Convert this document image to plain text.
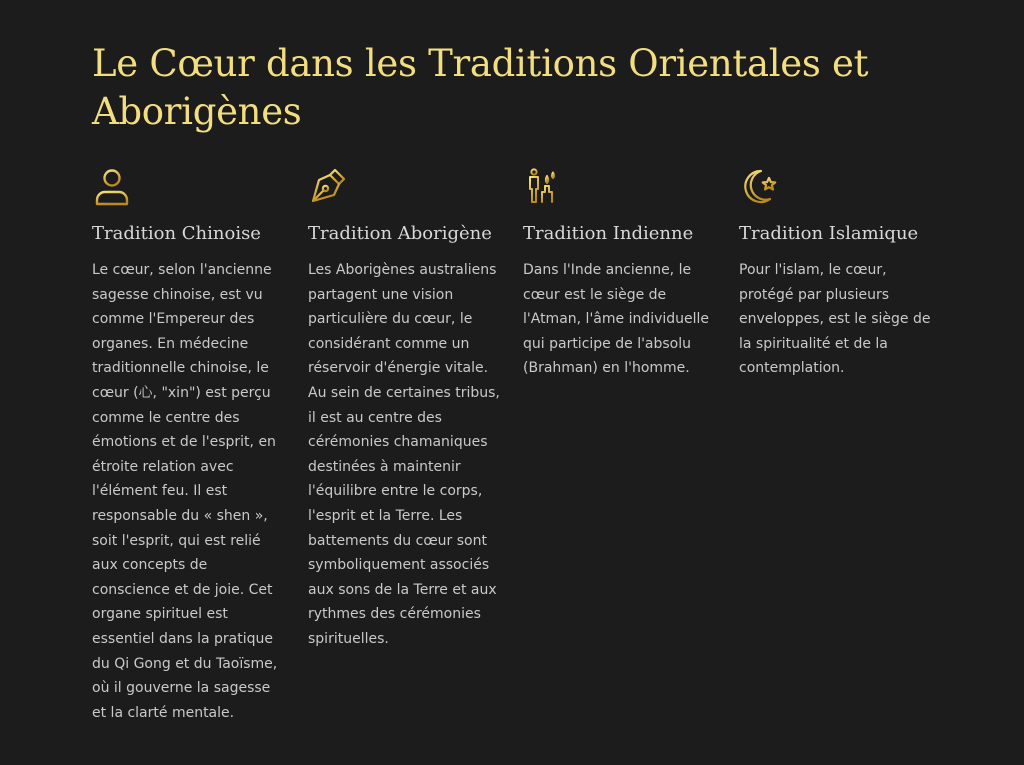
Le Cœur dans les Traditions Orientales et Aborigènes
Tradition Chinoise

Le cœur, selon l'ancienne sagesse chinoise, est vu comme l'Empereur des organes. En médecine traditionnelle chinoise, le cœur (心, "xin") est perçu comme le centre des émotions et de l'esprit, en étroite relation avec l'élément feu. Il est responsable du « shen », soit l'esprit, qui est relié aux concepts de conscience et de joie. Cet organe spirituel est essentiel dans la pratique du Qi Gong et du Taoïsme, où il gouverne la sagesse et la clarté mentale.

Tradition Aborigène

Les Aborigènes australiens partagent une vision particulière du cœur, le considérant comme un réservoir d'énergie vitale. Au sein de certaines tribus, il est au centre des cérémonies chamaniques destinées à maintenir l'équilibre entre le corps, l'esprit et la Terre. Les battements du cœur sont symboliquement associés aux sons de la Terre et aux rythmes des cérémonies spirituelles.

Tradition Indienne

Dans l'Inde ancienne, le cœur est le siège de l'Atman, l'âme individuelle qui participe de l'absolu (Brahman) en l'homme.

Tradition Islamique

Pour l'islam, le cœur, protégé par plusieurs enveloppes, est le siège de la spiritualité et de la contemplation.
